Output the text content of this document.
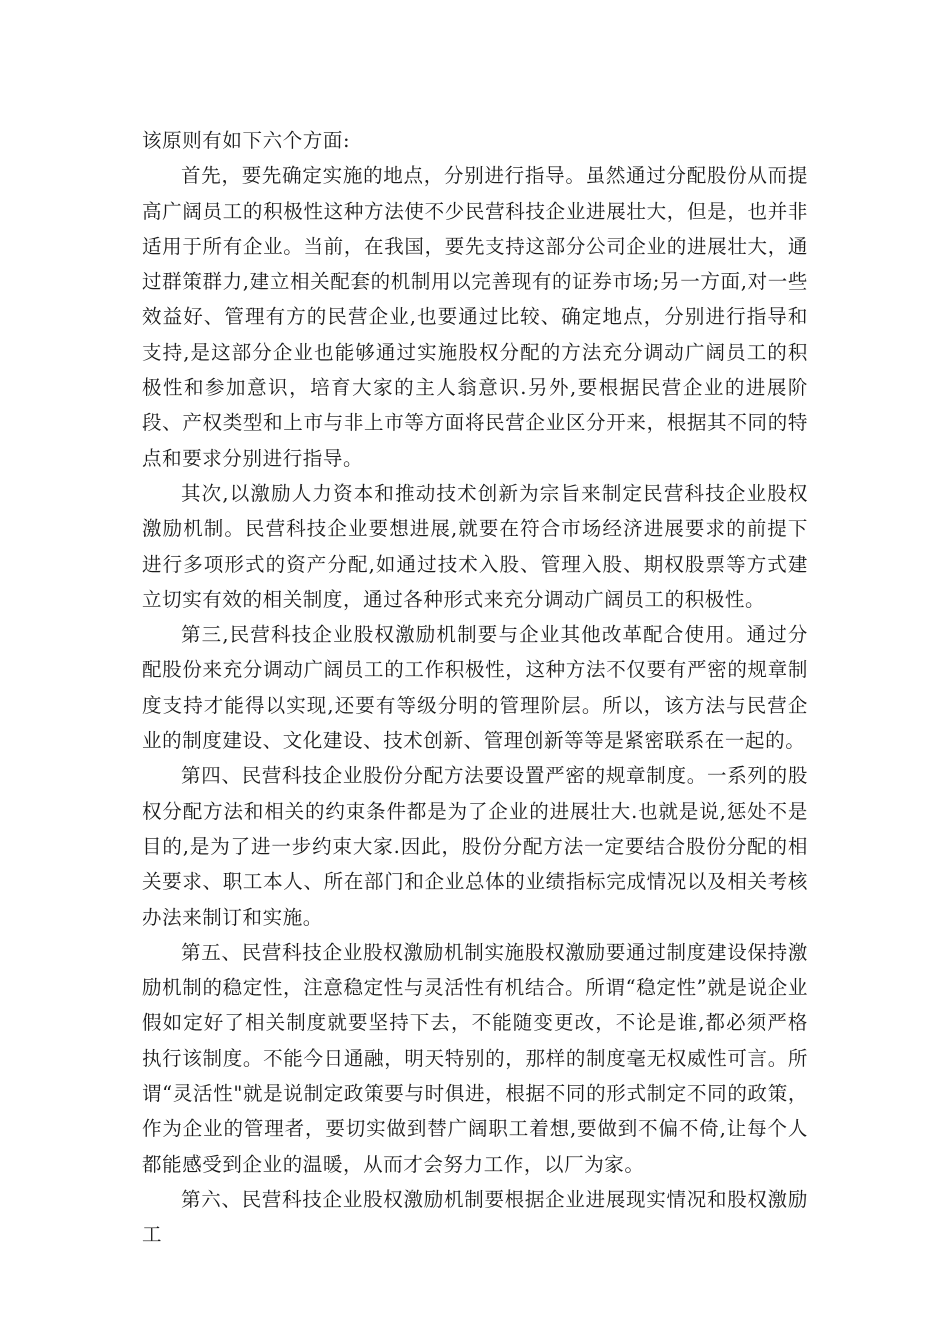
该原则有如下六个方面:

首先，要先确定实施的地点，分别进行指导。虽然通过分配股份从而提高广阔员工的积极性这种方法使不少民营科技企业进展壮大，但是，也并非适用于所有企业。当前，在我国，要先支持这部分公司企业的进展壮大，通过群策群力,建立相关配套的机制用以完善现有的证券市场;另一方面,对一些效益好、管理有方的民营企业,也要通过比较、确定地点，分别进行指导和支持,是这部分企业也能够通过实施股权分配的方法充分调动广阔员工的积极性和参加意识，培育大家的主人翁意识.另外,要根据民营企业的进展阶段、产权类型和上市与非上市等方面将民营企业区分开来，根据其不同的特点和要求分别进行指导。

其次,以激励人力资本和推动技术创新为宗旨来制定民营科技企业股权激励机制。民营科技企业要想进展,就要在符合市场经济进展要求的前提下进行多项形式的资产分配,如通过技术入股、管理入股、期权股票等方式建立切实有效的相关制度，通过各种形式来充分调动广阔员工的积极性。

第三,民营科技企业股权激励机制要与企业其他改革配合使用。通过分配股份来充分调动广阔员工的工作积极性，这种方法不仅要有严密的规章制度支持才能得以实现,还要有等级分明的管理阶层。所以，该方法与民营企业的制度建设、文化建设、技术创新、管理创新等等是紧密联系在一起的。

第四、民营科技企业股份分配方法要设置严密的规章制度。一系列的股权分配方法和相关的约束条件都是为了企业的进展壮大.也就是说,惩处不是目的,是为了进一步约束大家.因此，股份分配方法一定要结合股份分配的相关要求、职工本人、所在部门和企业总体的业绩指标完成情况以及相关考核办法来制订和实施。

第五、民营科技企业股权激励机制实施股权激励要通过制度建设保持激励机制的稳定性，注意稳定性与灵活性有机结合。所谓“稳定性”就是说企业假如定好了相关制度就要坚持下去，不能随变更改，不论是谁,都必须严格执行该制度。不能今日通融，明天特别的，那样的制度毫无权威性可言。所谓“灵活性"就是说制定政策要与时俱进，根据不同的形式制定不同的政策，作为企业的管理者，要切实做到替广阔职工着想,要做到不偏不倚,让每个人都能感受到企业的温暖，从而才会努力工作，以厂为家。

第六、民营科技企业股权激励机制要根据企业进展现实情况和股权激励工
